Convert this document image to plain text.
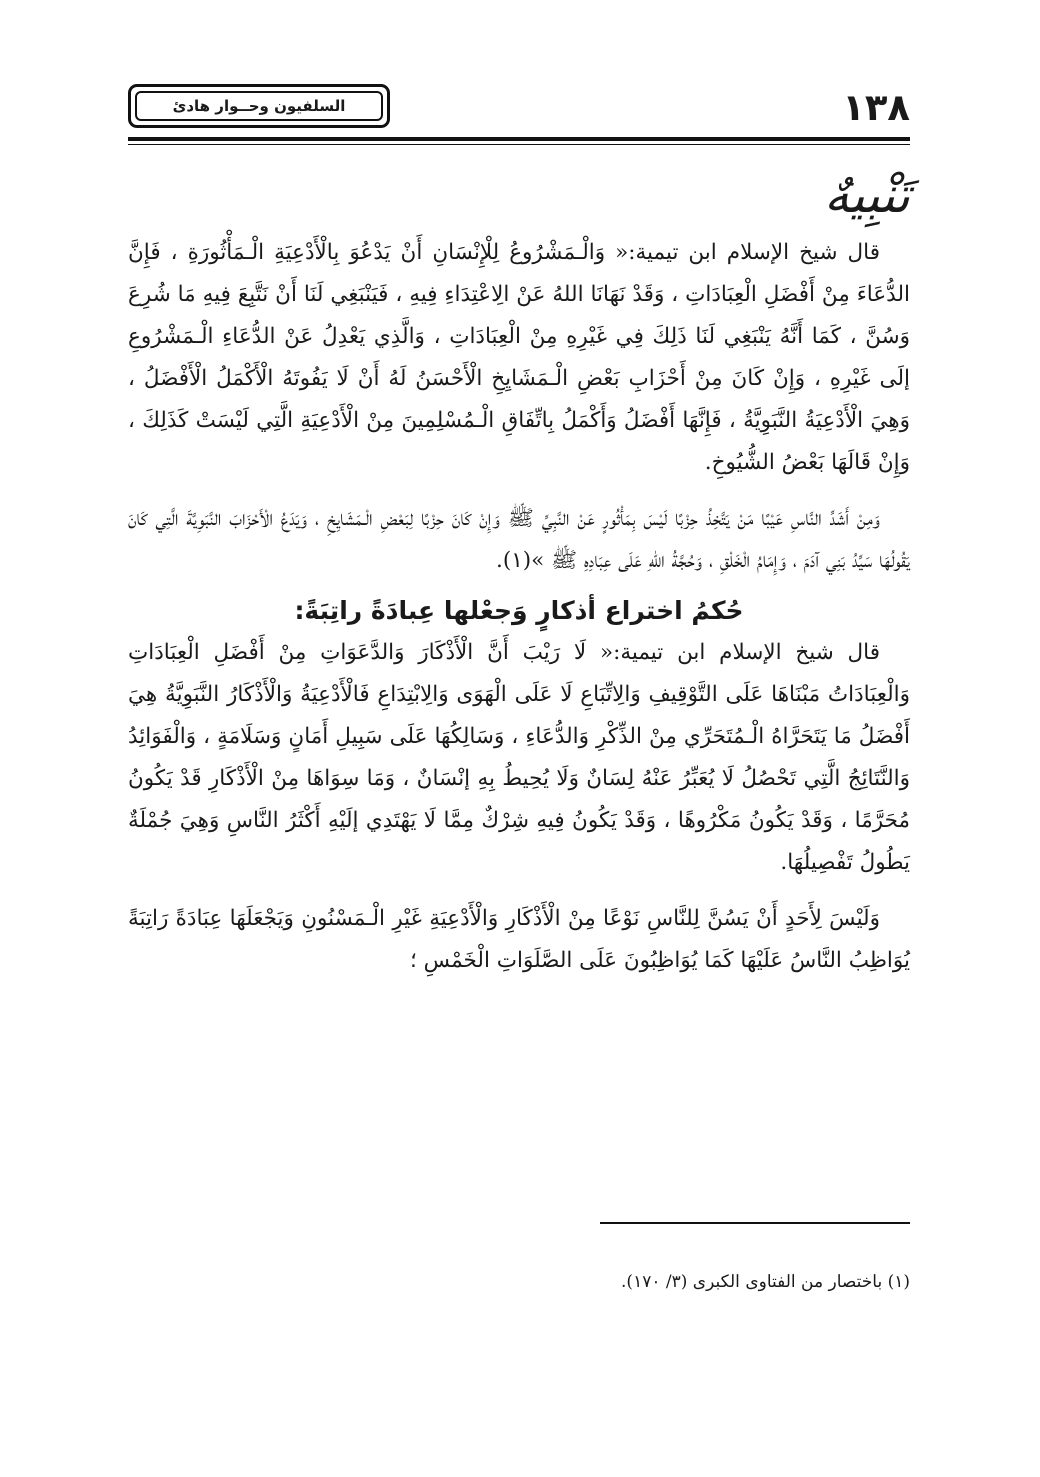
١٣٨
السلفيون وحــوار هادئ
تَنْبِيهٌ

قال شيخ الإسلام ابن تيمية:« وَالْـمَشْرُوعُ لِلْإِنْسَانِ أَنْ يَدْعُوَ بِالْأَدْعِيَةِ الْـمَأْثُورَةِ ، فَإِنَّ الدُّعَاءَ مِنْ أَفْضَلِ الْعِبَادَاتِ ، وَقَدْ نَهَانَا اللهُ عَنْ الِاعْتِدَاءِ فِيهِ ، فَيَنْبَغِي لَنَا أَنْ نَتَّبِعَ فِيهِ مَا شُرِعَ وَسُنَّ ، كَمَا أَنَّهُ يَنْبَغِي لَنَا ذَلِكَ فِي غَيْرِهِ مِنْ الْعِبَادَاتِ ، وَالَّذِي يَعْدِلُ عَنْ الدُّعَاءِ الْـمَشْرُوعِ إلَى غَيْرِهِ ، وَإِنْ كَانَ مِنْ أَحْزَابِ بَعْضِ الْـمَشَايِخِ الْأَحْسَنُ لَهُ أَنْ لَا يَفُوتَهُ الْأَكْمَلُ الْأَفْضَلُ ، وَهِيَ الْأَدْعِيَةُ النَّبَوِيَّةُ ، فَإِنَّهَا أَفْضَلُ وَأَكْمَلُ بِاتِّفَاقِ الْـمُسْلِمِينَ مِنْ الْأَدْعِيَةِ الَّتِي لَيْسَتْ كَذَلِكَ ، وَإِنْ قَالَهَا بَعْضُ الشُّيُوخِ.

وَمِنْ أَشَدِّ النَّاسِ عَيْبًا مَنْ يَتَّخِذُ حِزْبًا لَيْسَ بِمَأْثُورٍ عَنْ النَّبِيِّ ﷺ وَإِنْ كَانَ حِزْبًا لِبَعْضِ الْـمَشَايِخِ ، وَيَدَعُ الْأَحْزَابَ النَّبَوِيَّةَ الَّتِي كَانَ يَقُولُهَا سَيِّدُ بَنِي آدَمَ ، وَإِمَامُ الْخَلْقِ ، وَحُجَّةُ اللهِ عَلَى عِبَادِهِ ﷺ »(١).

حُكمُ اختراع أذكارٍ وَجعْلها عِبادَةً راتِبَةً:

قال شيخ الإسلام ابن تيمية:« لَا رَيْبَ أَنَّ الْأَذْكَارَ وَالدَّعَوَاتِ مِنْ أَفْضَلِ الْعِبَادَاتِ وَالْعِبَادَاتُ مَبْنَاهَا عَلَى التَّوْقِيفِ وَالِاتِّبَاعِ لَا عَلَى الْهَوَى وَالِابْتِدَاعِ فَالْأَدْعِيَةُ وَالْأَذْكَارُ النَّبَوِيَّةُ هِيَ أَفْضَلُ مَا يَتَحَرَّاهُ الْـمُتَحَرِّي مِنْ الذِّكْرِ وَالدُّعَاءِ ، وَسَالِكُهَا عَلَى سَبِيلِ أَمَانٍ وَسَلَامَةٍ ، وَالْفَوَائِدُ وَالنَّتَائِجُ الَّتِي تَحْصُلُ لَا يُعَبِّرُ عَنْهُ لِسَانٌ وَلَا يُحِيطُ بِهِ إنْسَانٌ ، وَمَا سِوَاهَا مِنْ الْأَذْكَارِ قَدْ يَكُونُ مُحَرَّمًا ، وَقَدْ يَكُونُ مَكْرُوهًا ، وَقَدْ يَكُونُ فِيهِ شِرْكٌ مِمَّا لَا يَهْتَدِي إلَيْهِ أَكْثَرُ النَّاسِ وَهِيَ جُمْلَةٌ يَطُولُ تَفْصِيلُهَا.

وَلَيْسَ لِأَحَدٍ أَنْ يَسُنَّ لِلنَّاسِ نَوْعًا مِنْ الْأَذْكَارِ وَالْأَدْعِيَةِ غَيْرِ الْـمَسْنُونِ وَيَجْعَلَهَا عِبَادَةً رَاتِبَةً يُوَاظِبُ النَّاسُ عَلَيْهَا كَمَا يُوَاظِبُونَ عَلَى الصَّلَوَاتِ الْخَمْسِ ؛

(١) باختصار من الفتاوى الكبرى (٣/ ١٧٠).
